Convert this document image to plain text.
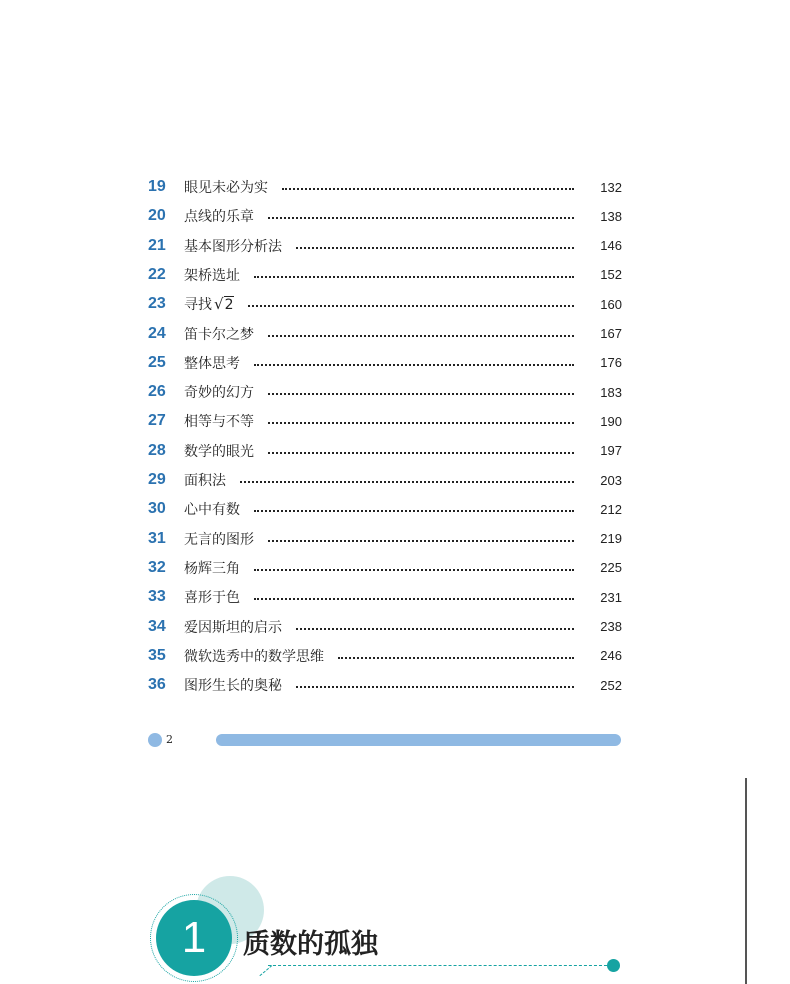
19	眼见未必为实	132
20	点线的乐章	138
21	基本图形分析法	146
22	架桥选址	152
23	寻找 √2	160
24	笛卡尔之梦	167
25	整体思考	176
26	奇妙的幻方	183
27	相等与不等	190
28	数学的眼光	197
29	面积法	203
30	心中有数	212
31	无言的图形	219
32	杨辉三角	225
33	喜形于色	231
34	爱因斯坦的启示	238
35	微软选秀中的数学思维	246
36	图形生长的奥秘	252
2
1 质数的孤独
